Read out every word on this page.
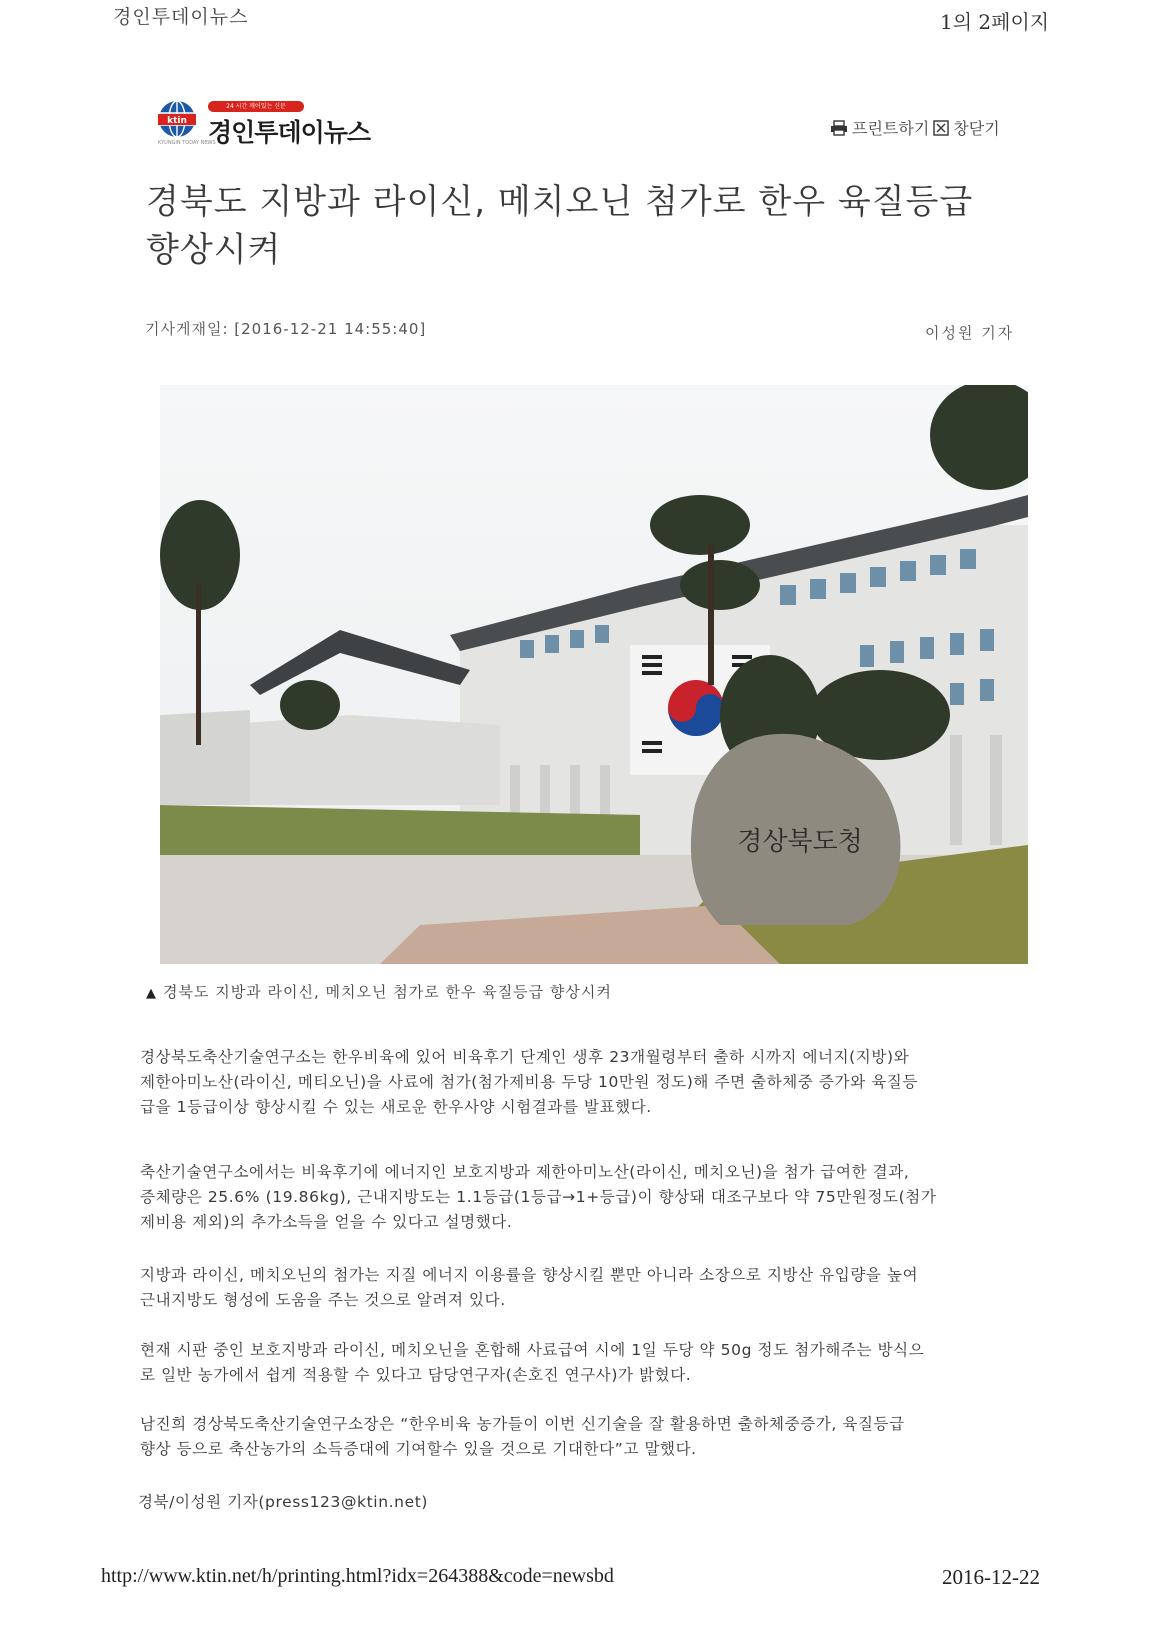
경인투데이뉴스	1의 2페이지
ktin
24 시간 깨어있는 신문
경인투데이뉴스
KYUNGIN TODAY NEWS
프린트하기 창닫기
경북도 지방과 라이신, 메치오닌 첨가로 한우 육질등급
향상시켜
기사게재일: [2016-12-21 14:55:40]	이성원 기자
경상북도청
▲ 경북도 지방과 라이신, 메치오닌 첨가로 한우 육질등급 향상시켜
경상북도축산기술연구소는 한우비육에 있어 비육후기 단계인 생후 23개월령부터 출하 시까지 에너지(지방)와
제한아미노산(라이신, 메티오닌)을 사료에 첨가(첨가제비용 두당 10만원 정도)해 주면 출하체중 증가와 육질등
급을 1등급이상 향상시킬 수 있는 새로운 한우사양 시험결과를 발표했다.
축산기술연구소에서는 비육후기에 에너지인 보호지방과 제한아미노산(라이신, 메치오닌)을 첨가 급여한 결과,
증체량은 25.6% (19.86kg), 근내지방도는 1.1등급(1등급→1+등급)이 향상돼 대조구보다 약 75만원정도(첨가
제비용 제외)의 추가소득을 얻을 수 있다고 설명했다.
지방과 라이신, 메치오닌의 첨가는 지질 에너지 이용률을 향상시킬 뿐만 아니라 소장으로 지방산 유입량을 높여
근내지방도 형성에 도움을 주는 것으로 알려져 있다.
현재 시판 중인 보호지방과 라이신, 메치오닌을 혼합해 사료급여 시에 1일 두당 약 50g 정도 첨가해주는 방식으
로 일반 농가에서 쉽게 적용할 수 있다고 담당연구자(손호진 연구사)가 밝혔다.
남진희 경상북도축산기술연구소장은 “한우비육 농가들이 이번 신기술을 잘 활용하면 출하체중증가, 육질등급
향상 등으로 축산농가의 소득증대에 기여할수 있을 것으로 기대한다”고 말했다.
경북/이성원 기자(press123@ktin.net)
http://www.ktin.net/h/printing.html?idx=264388&code=newsbd	2016-12-22
